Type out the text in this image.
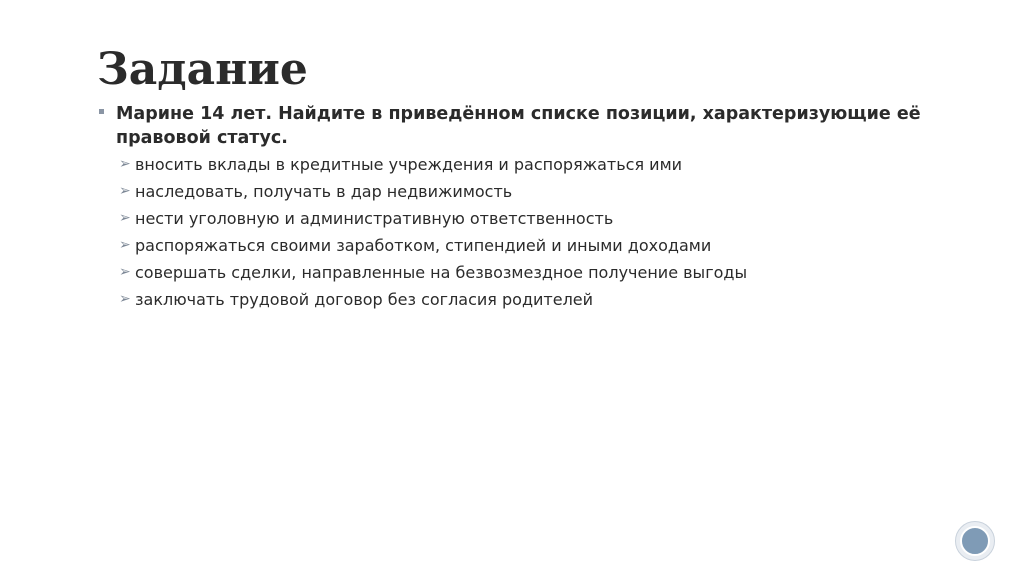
Задание
Марине 14 лет. Найдите в приведённом списке позиции, характеризующие её правовой статус.
➢ вносить вклады в кредитные учреждения и распоряжаться ими
➢ наследовать, получать в дар недвижимость
➢ нести уголовную и административную ответственность
➢ распоряжаться своими заработком, стипендией и иными доходами
➢ совершать сделки, направленные на безвозмездное получение выгоды
➢ заключать трудовой договор без согласия родителей
